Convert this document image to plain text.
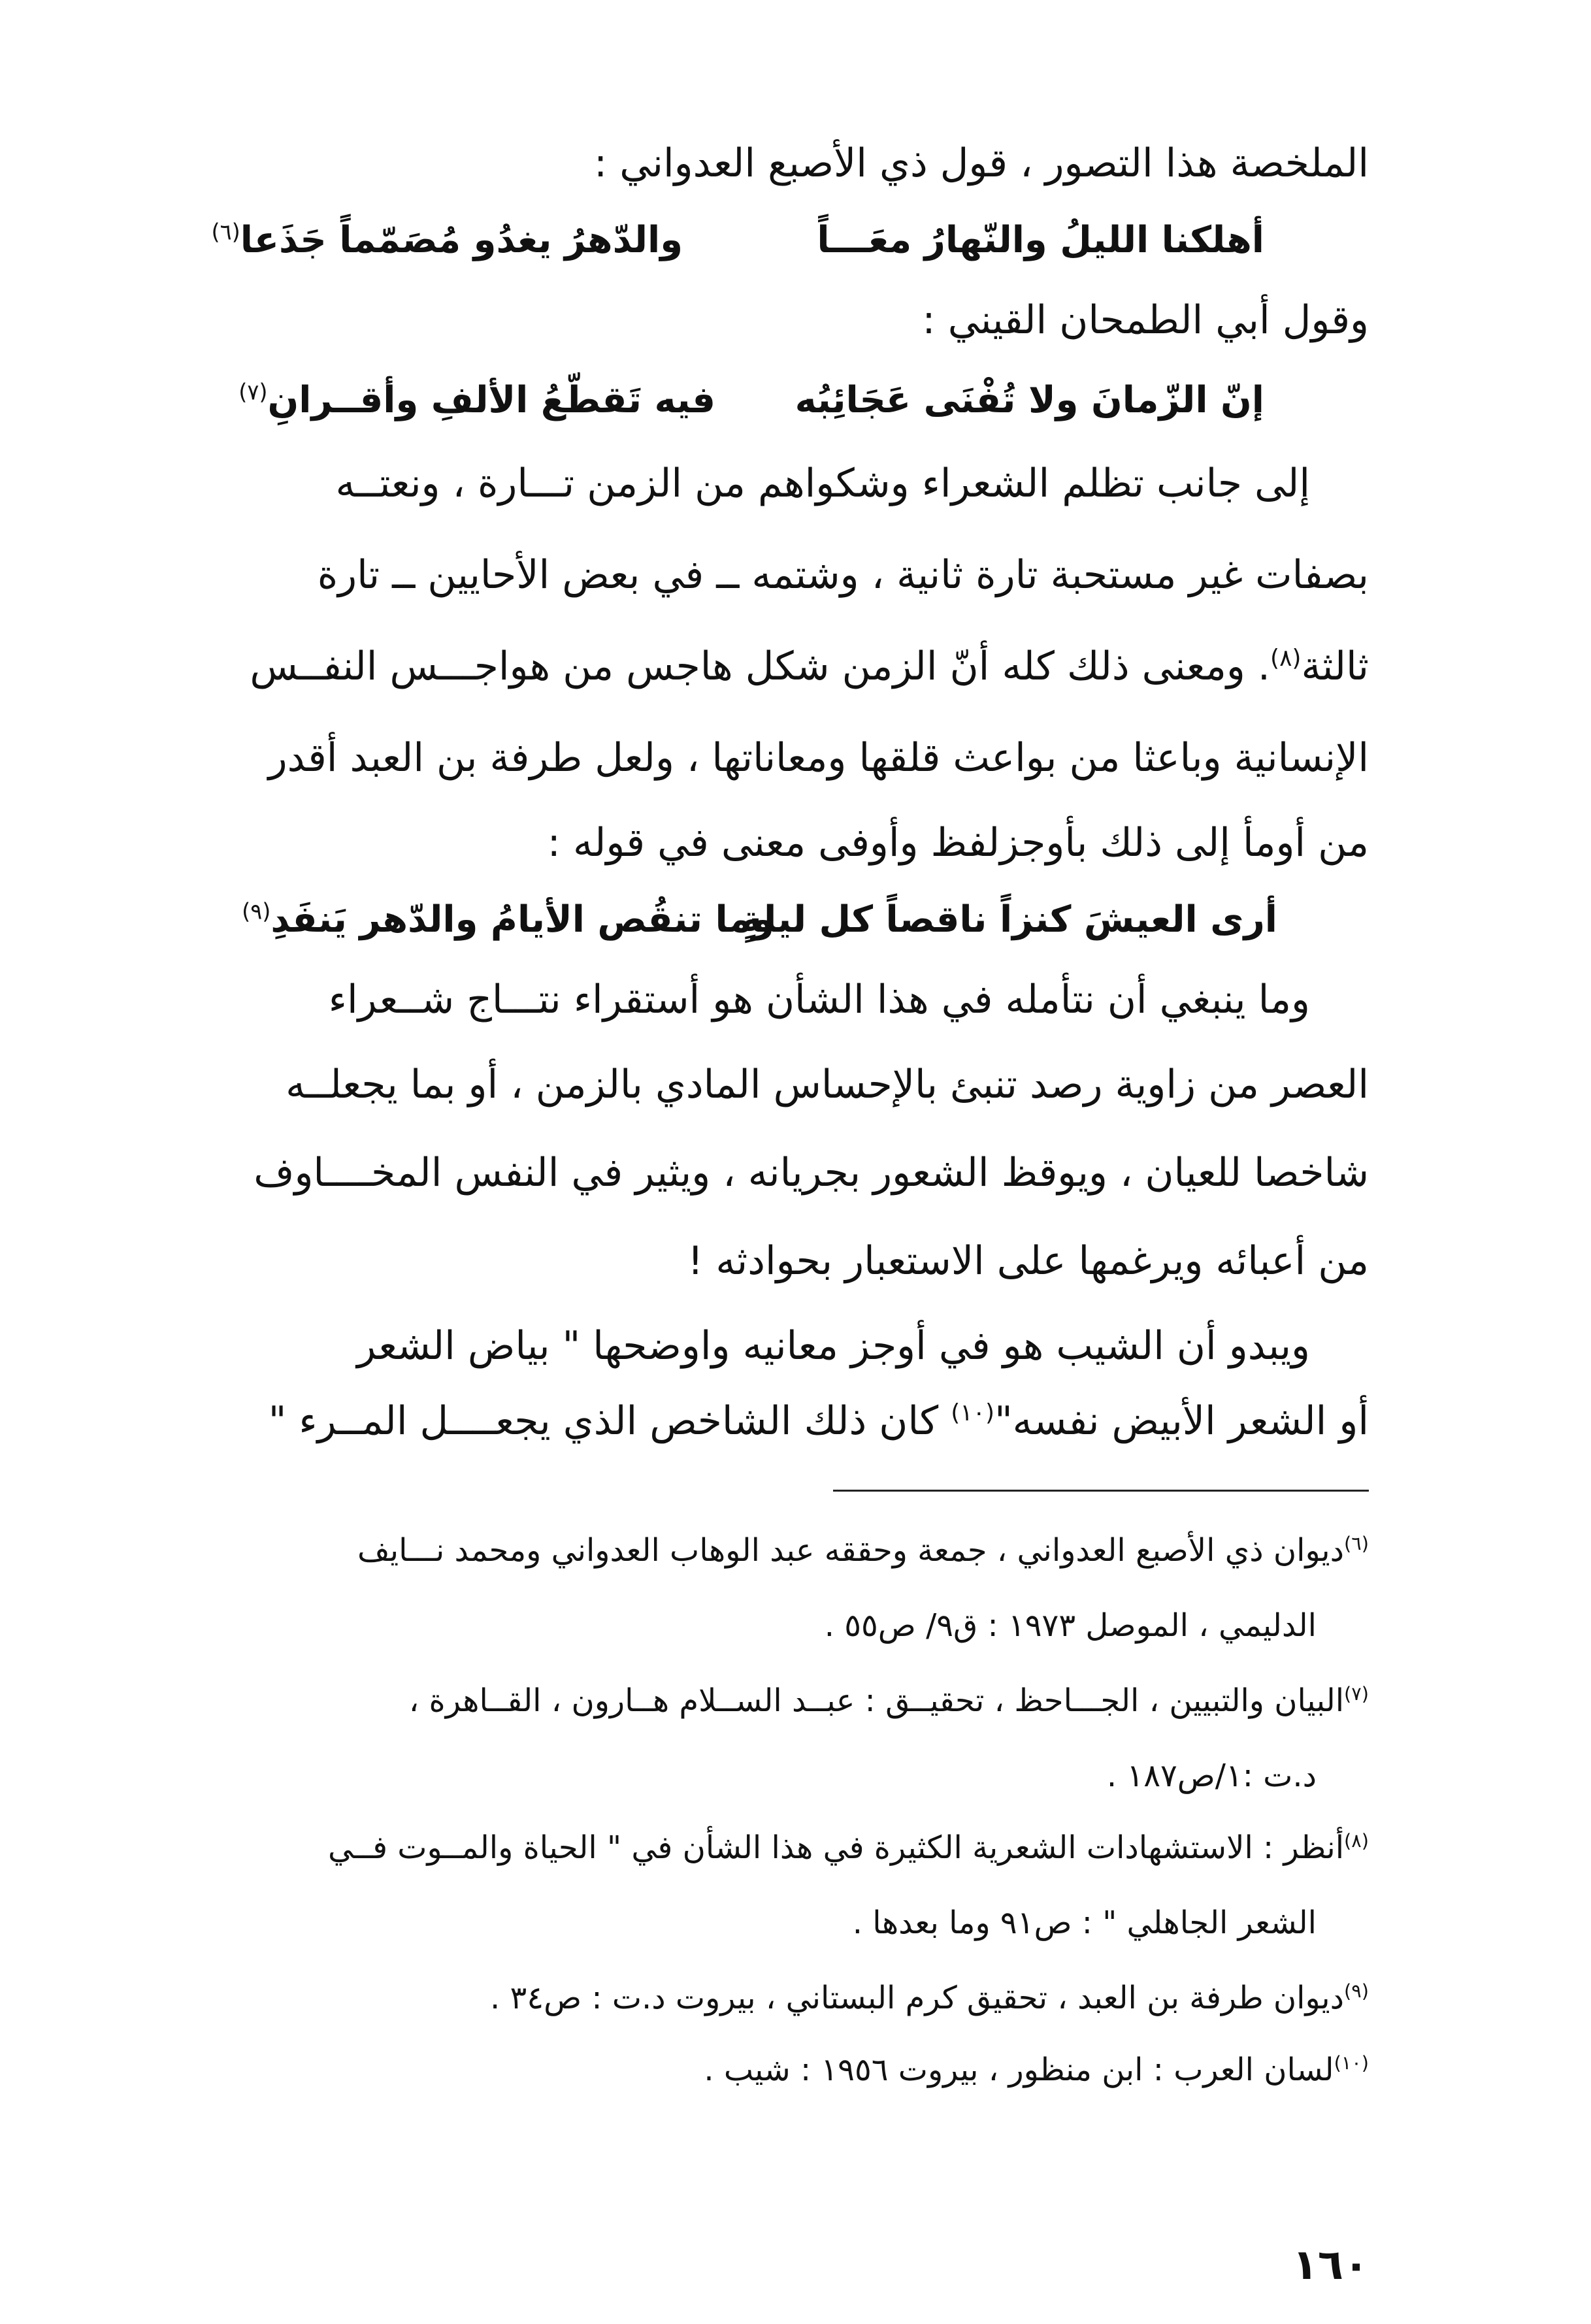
الملخصة هذا التصور ، قول ذي الأصبع العدواني :
أهلكنا الليلُ والنّهارُ معَـــاً
والدّهرُ يغدُو مُصَمّماً جَذَعا$^{(٦)}$
وقول أبي الطمحان القيني :
إنّ الزّمانَ ولا تُفْنَى عَجَائِبُه
فيه تَقطّعُ الألفِ وأقــرانِ$^{(٧)}$
إلى جانب تظلم الشعراء وشكواهم من الزمن تـــارة ، ونعتــه
بصفات غير مستحبة تارة ثانية ، وشتمه ــ في بعض الأحايين ــ تارة
ثالثة$^{(٨)}$. ومعنى ذلك كله أنّ الزمن شكل هاجس من هواجـــس النفــس
الإنسانية وباعثا من بواعث قلقها ومعاناتها ، ولعل طرفة بن العبد أقدر
من أومأ إلى ذلك بأوجزلفظ وأوفى معنى في قوله :
أرى العيشَ كنزاً ناقصاً كل ليلةٍ
وما تنقُص الأيامُ والدّهر يَنفَدِ$^{(٩)}$
وما ينبغي أن نتأمله في هذا الشأن هو أستقراء نتـــاج شــعراء
العصر من زاوية رصد تنبئ بالإحساس المادي بالزمن ، أو بما يجعلــه
شاخصا للعيان ، ويوقظ الشعور بجريانه ، ويثير في النفس المخــــاوف
من أعبائه ويرغمها على الاستعبار بحوادثه !
ويبدو أن الشيب هو في أوجز معانيه واوضحها " بياض الشعر
أو الشعر الأبيض نفسه"$^{(١٠)}$ كان ذلك الشاخص الذي يجعــــل المــرء "
$^{(٦)}$ديوان ذي الأصبع العدواني ، جمعة وحققه عبد الوهاب العدواني ومحمد نـــايف
الدليمي ، الموصل ١٩٧٣ : ق٩/ ص٥٥ .
$^{(٧)}$البيان والتبيين ، الجـــاحظ ، تحقيــق : عبــد الســلام هــارون ، القــاهرة ،
د.ت :١/ص١٨٧ .
$^{(٨)}$أنظر : الاستشهادات الشعرية الكثيرة في هذا الشأن في " الحياة والمــوت فــي
الشعر الجاهلي " : ص٩١ وما بعدها .
$^{(٩)}$ديوان طرفة بن العبد ، تحقيق كرم البستاني ، بيروت د.ت : ص٣٤ .
$^{(١٠)}$لسان العرب : ابن منظور ، بيروت ١٩٥٦ : شيب .
١٦٠
